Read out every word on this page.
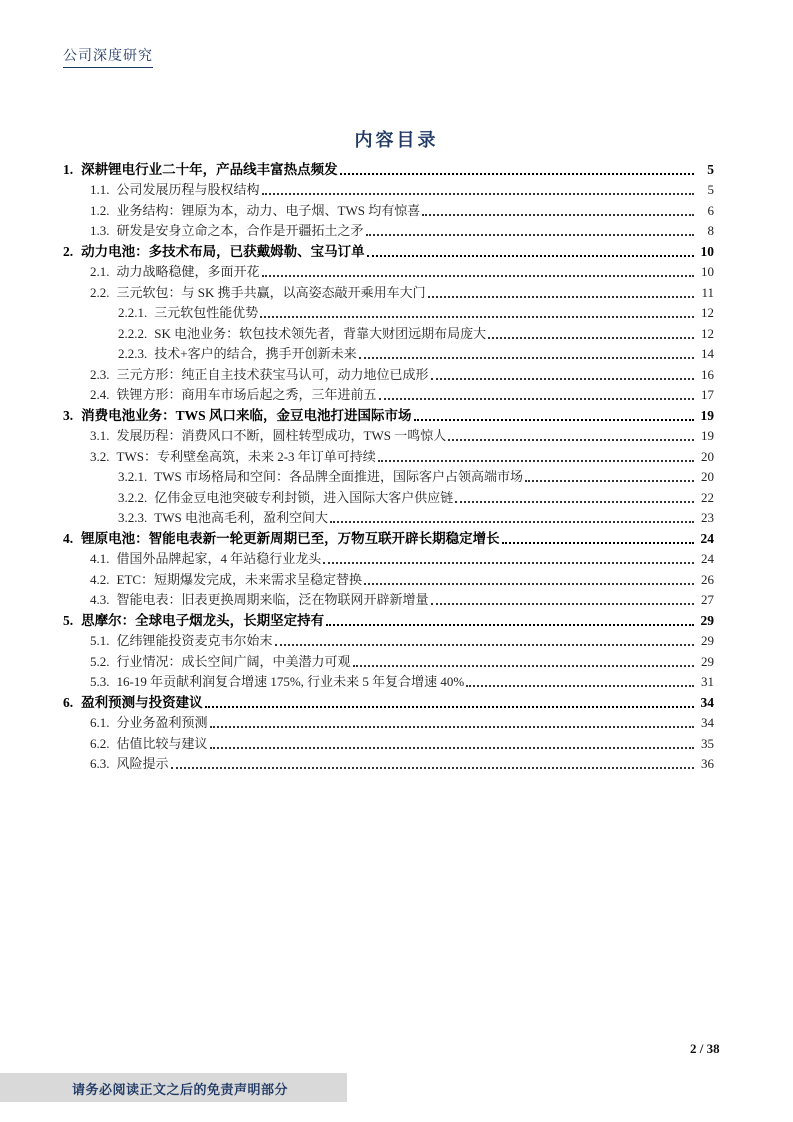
公司深度研究
内容目录
1. 深耕锂电行业二十年，产品线丰富热点频发	5
1.1. 公司发展历程与股权结构	5
1.2. 业务结构：锂原为本，动力、电子烟、TWS 均有惊喜	6
1.3. 研发是安身立命之本，合作是开疆拓土之矛	8
2. 动力电池：多技术布局，已获戴姆勒、宝马订单	10
2.1. 动力战略稳健，多面开花	10
2.2. 三元软包：与 SK 携手共赢，以高姿态敲开乘用车大门	11
2.2.1. 三元软包性能优势	12
2.2.2. SK 电池业务：软包技术领先者，背靠大财团远期布局庞大	12
2.2.3. 技术+客户的结合，携手开创新未来	14
2.3. 三元方形：纯正自主技术获宝马认可，动力地位已成形	16
2.4. 铁锂方形：商用车市场后起之秀，三年进前五	17
3. 消费电池业务：TWS 风口来临，金豆电池打进国际市场	19
3.1. 发展历程：消费风口不断，圆柱转型成功，TWS 一鸣惊人	19
3.2. TWS：专利壁垒高筑，未来 2-3 年订单可持续	20
3.2.1. TWS 市场格局和空间：各品牌全面推进，国际客户占领高端市场	20
3.2.2. 亿伟金豆电池突破专利封锁，进入国际大客户供应链	22
3.2.3. TWS 电池高毛利，盈利空间大	23
4. 锂原电池：智能电表新一轮更新周期已至，万物互联开辟长期稳定增长	24
4.1. 借国外品牌起家，4 年站稳行业龙头	24
4.2. ETC：短期爆发完成，未来需求呈稳定替换	26
4.3. 智能电表：旧表更换周期来临，泛在物联网开辟新增量	27
5. 思摩尔：全球电子烟龙头，长期坚定持有	29
5.1. 亿纬锂能投资麦克韦尔始末	29
5.2. 行业情况：成长空间广阔，中美潜力可观	29
5.3. 16-19 年贡献利润复合增速 175%, 行业未来 5 年复合增速 40%	31
6. 盈利预测与投资建议	34
6.1. 分业务盈利预测	34
6.2. 估值比较与建议	35
6.3. 风险提示	36
2 / 38
请务必阅读正文之后的免责声明部分
